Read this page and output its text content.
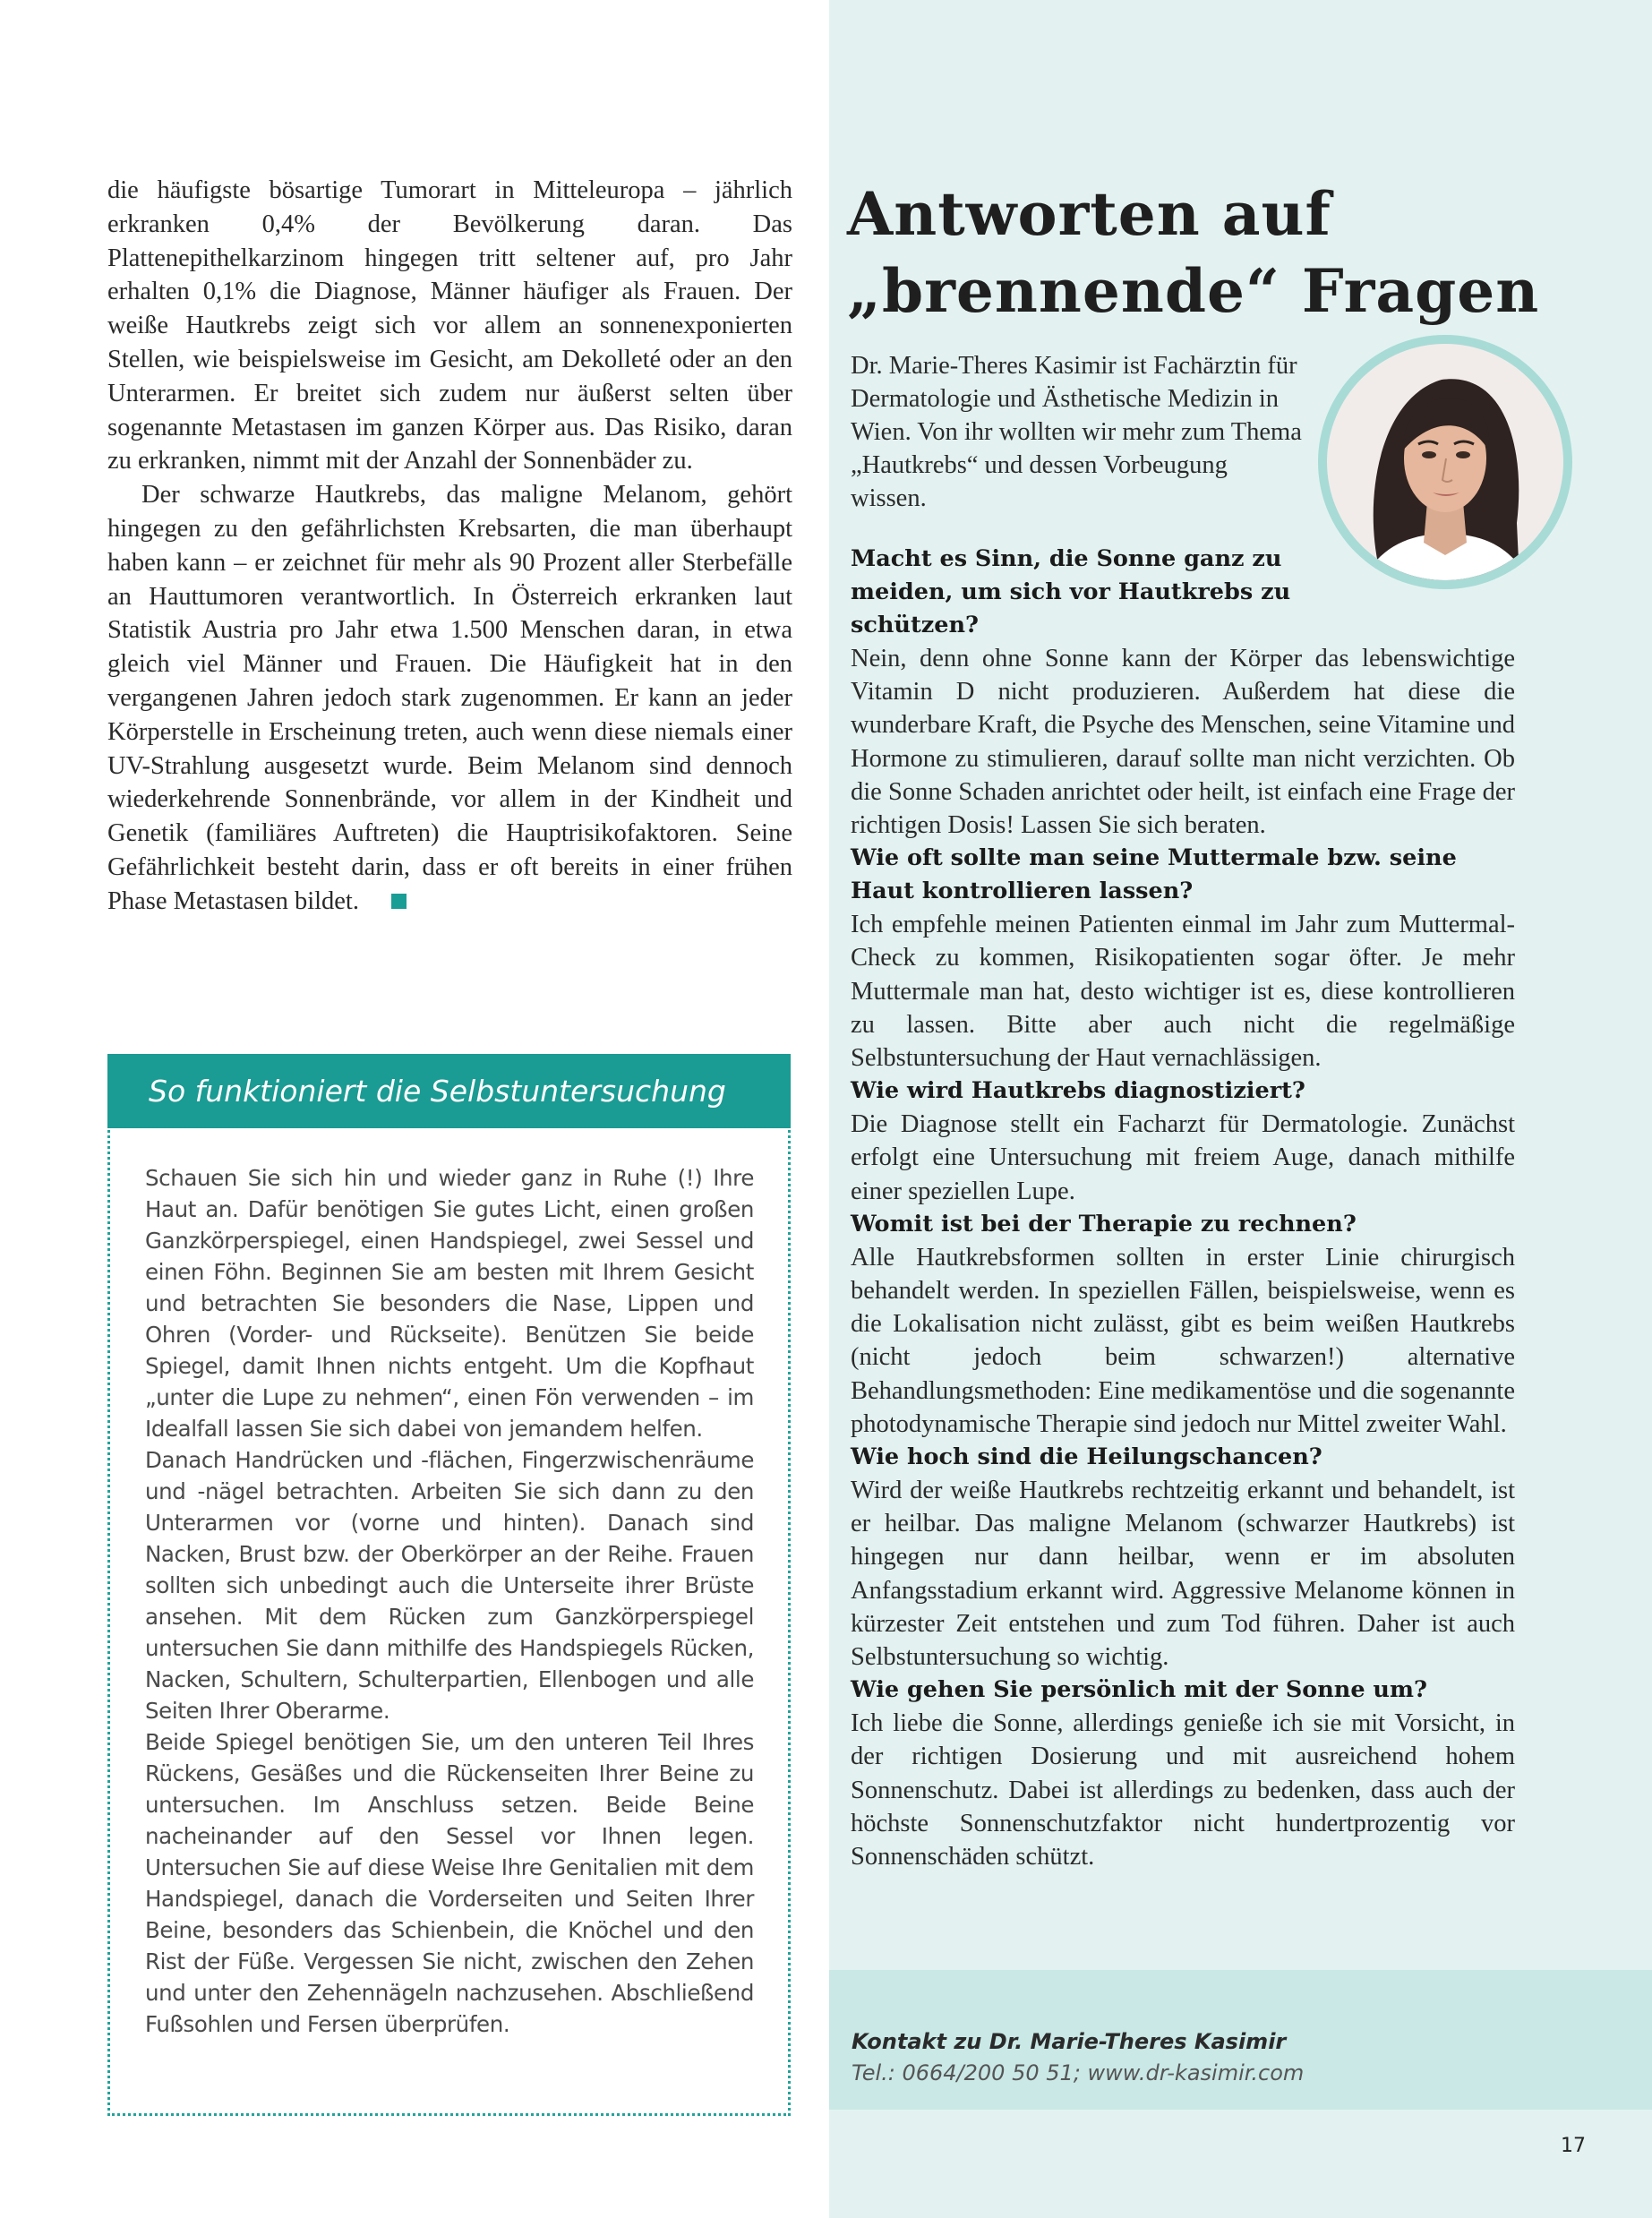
die häufigste bösartige Tumorart in Mitteleuropa – jährlich erkranken 0,4% der Bevölkerung daran. Das Plattenepithelkarzinom hingegen tritt seltener auf, pro Jahr erhalten 0,1% die Diagnose, Männer häufiger als Frauen. Der weiße Hautkrebs zeigt sich vor allem an sonnenexponierten Stellen, wie beispielsweise im Gesicht, am Dekolleté oder an den Unterarmen. Er breitet sich zudem nur äußerst selten über sogenannte Metastasen im ganzen Körper aus. Das Risiko, daran zu erkranken, nimmt mit der Anzahl der Sonnenbäder zu.

Der schwarze Hautkrebs, das maligne Melanom, gehört hingegen zu den gefährlichsten Krebsarten, die man überhaupt haben kann – er zeichnet für mehr als 90 Prozent aller Sterbefälle an Hauttumoren verantwortlich. In Österreich erkranken laut Statistik Austria pro Jahr etwa 1.500 Menschen daran, in etwa gleich viel Männer und Frauen. Die Häufigkeit hat in den vergangenen Jahren jedoch stark zugenommen. Er kann an jeder Körperstelle in Erscheinung treten, auch wenn diese niemals einer UV-Strahlung ausgesetzt wurde. Beim Melanom sind dennoch wiederkehrende Sonnenbrände, vor allem in der Kindheit und Genetik (familiäres Auftreten) die Hauptrisikofaktoren. Seine Gefährlichkeit besteht darin, dass er oft bereits in einer frühen Phase Metastasen bildet.

So funktioniert die Selbstuntersuchung

Schauen Sie sich hin und wieder ganz in Ruhe (!) Ihre Haut an. Dafür benötigen Sie gutes Licht, einen großen Ganzkörperspiegel, einen Handspiegel, zwei Sessel und einen Föhn. Beginnen Sie am besten mit Ihrem Gesicht und betrachten Sie besonders die Nase, Lippen und Ohren (Vorder- und Rückseite). Benützen Sie beide Spiegel, damit Ihnen nichts entgeht. Um die Kopfhaut „unter die Lupe zu nehmen“, einen Fön verwenden – im Idealfall lassen Sie sich dabei von jemandem helfen.

Danach Handrücken und -flächen, Fingerzwischenräume und -nägel betrachten. Arbeiten Sie sich dann zu den Unterarmen vor (vorne und hinten). Danach sind Nacken, Brust bzw. der Oberkörper an der Reihe. Frauen sollten sich unbedingt auch die Unterseite ihrer Brüste ansehen. Mit dem Rücken zum Ganzkörperspiegel untersuchen Sie dann mithilfe des Handspiegels Rücken, Nacken, Schultern, Schulterpartien, Ellenbogen und alle Seiten Ihrer Oberarme.

Beide Spiegel benötigen Sie, um den unteren Teil Ihres Rückens, Gesäßes und die Rückenseiten Ihrer Beine zu untersuchen. Im Anschluss setzen. Beide Beine nacheinander auf den Sessel vor Ihnen legen. Untersuchen Sie auf diese Weise Ihre Genitalien mit dem Handspiegel, danach die Vorderseiten und Seiten Ihrer Beine, besonders das Schienbein, die Knöchel und den Rist der Füße. Vergessen Sie nicht, zwischen den Zehen und unter den Zehennägeln nachzusehen. Abschließend Fußsohlen und Fersen überprüfen.

Antworten auf
„brennende“ Fragen

Dr. Marie-Theres Kasimir ist Fachärztin für Dermatologie und Ästhetische Medizin in Wien. Von ihr wollten wir mehr zum Thema „Hautkrebs“ und dessen Vorbeugung wissen.

Macht es Sinn, die Sonne ganz zu meiden, um sich vor Hautkrebs zu schützen?

Nein, denn ohne Sonne kann der Körper das lebenswichtige Vitamin D nicht produzieren. Außerdem hat diese die wunderbare Kraft, die Psyche des Menschen, seine Vitamine und Hormone zu stimulieren, darauf sollte man nicht verzichten. Ob die Sonne Schaden anrichtet oder heilt, ist einfach eine Frage der richtigen Dosis! Lassen Sie sich beraten.

Wie oft sollte man seine Muttermale bzw. seine Haut kontrollieren lassen?

Ich empfehle meinen Patienten einmal im Jahr zum Muttermal-Check zu kommen, Risikopatienten sogar öfter. Je mehr Muttermale man hat, desto wichtiger ist es, diese kontrollieren zu lassen. Bitte aber auch nicht die regelmäßige Selbstuntersuchung der Haut vernachlässigen.

Wie wird Hautkrebs diagnostiziert?

Die Diagnose stellt ein Facharzt für Dermatologie. Zunächst erfolgt eine Untersuchung mit freiem Auge, danach mithilfe einer speziellen Lupe.

Womit ist bei der Therapie zu rechnen?

Alle Hautkrebsformen sollten in erster Linie chirurgisch behandelt werden. In speziellen Fällen, beispielsweise, wenn es die Lokalisation nicht zulässt, gibt es beim weißen Hautkrebs (nicht jedoch beim schwarzen!) alternative Behandlungsmethoden: Eine medikamentöse und die sogenannte photodynamische Therapie sind jedoch nur Mittel zweiter Wahl.

Wie hoch sind die Heilungschancen?

Wird der weiße Hautkrebs rechtzeitig erkannt und behandelt, ist er heilbar. Das maligne Melanom (schwarzer Hautkrebs) ist hingegen nur dann heilbar, wenn er im absoluten Anfangsstadium erkannt wird. Aggressive Melanome können in kürzester Zeit entstehen und zum Tod führen. Daher ist auch Selbstuntersuchung so wichtig.

Wie gehen Sie persönlich mit der Sonne um?

Ich liebe die Sonne, allerdings genieße ich sie mit Vorsicht, in der richtigen Dosierung und mit ausreichend hohem Sonnenschutz. Dabei ist allerdings zu bedenken, dass auch der höchste Sonnenschutzfaktor nicht hundertprozentig vor Sonnenschäden schützt.

Kontakt zu Dr. Marie-Theres Kasimir

Tel.: 0664/200 50 51; www.dr-kasimir.com

17
